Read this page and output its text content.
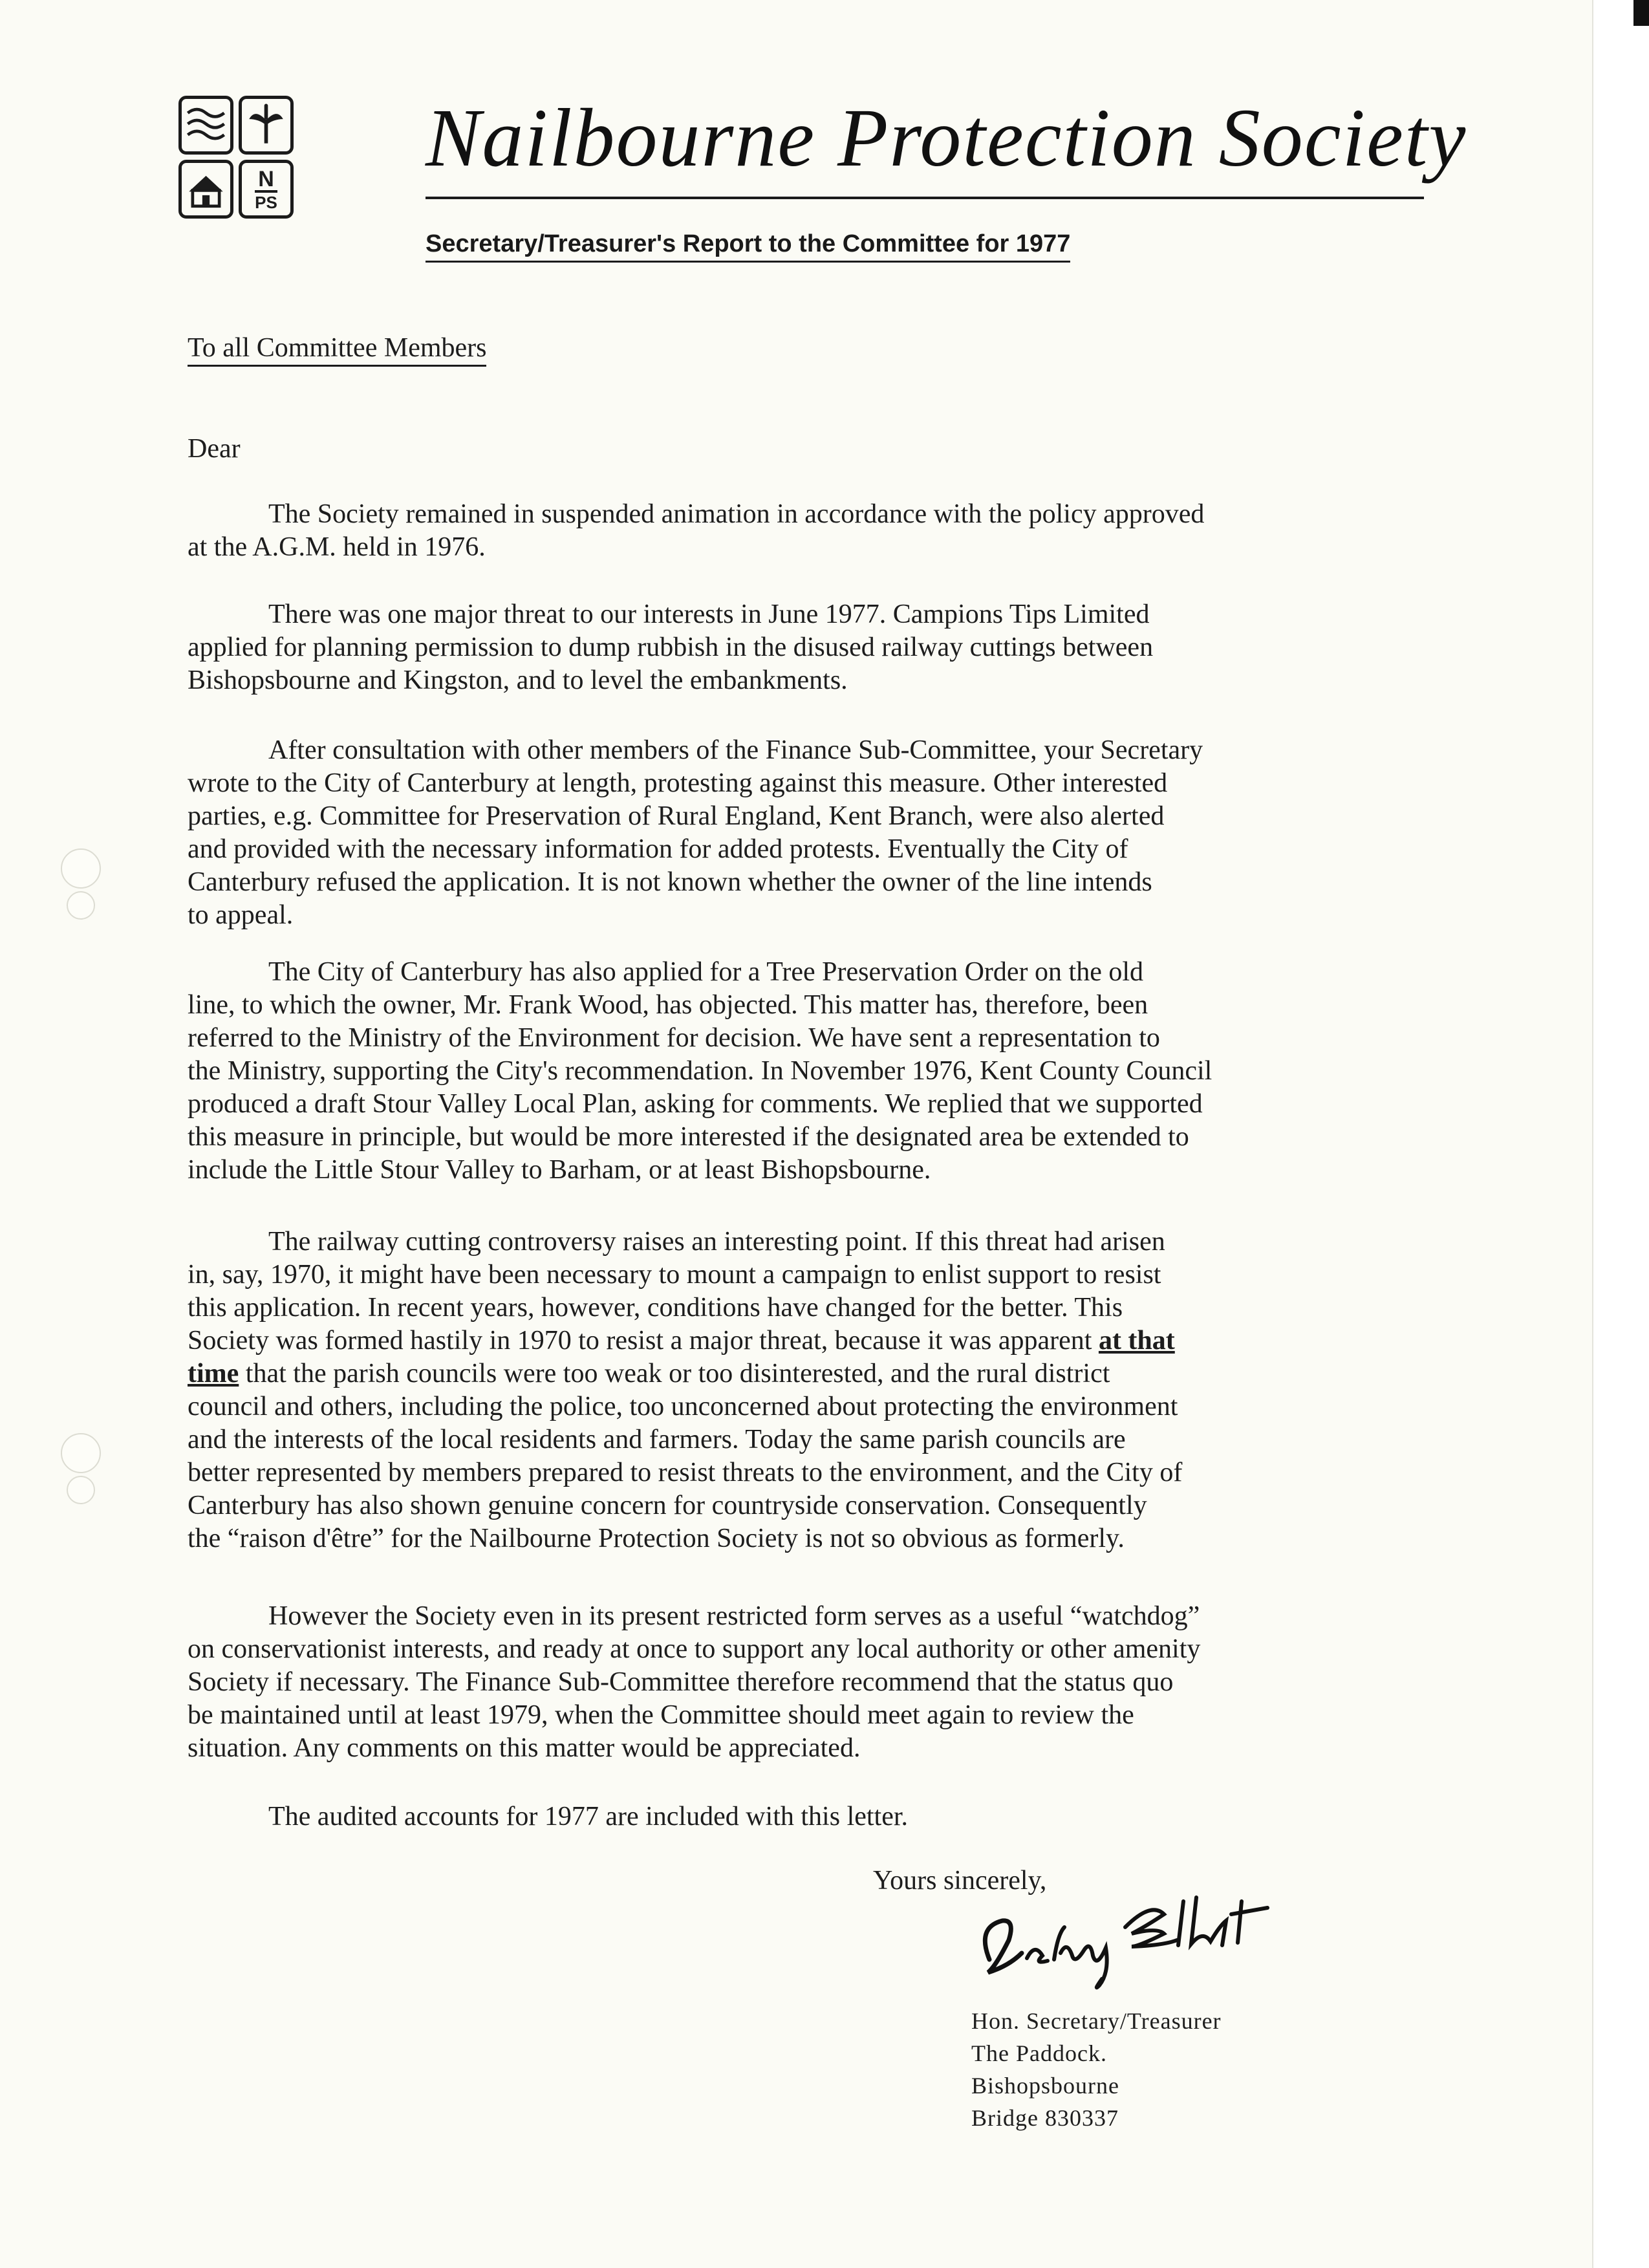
N
PS
Nailbourne Protection Society
Secretary/Treasurer's Report to the Committee for 1977
To all Committee Members
Dear
The Society remained in suspended animation in accordance with the policy approved
at the A.G.M. held in 1976.
There was one major threat to our interests in June 1977. Campions Tips Limited
applied for planning permission to dump rubbish in the disused railway cuttings between
Bishopsbourne and Kingston, and to level the embankments.
After consultation with other members of the Finance Sub-Committee, your Secretary
wrote to the City of Canterbury at length, protesting against this measure. Other interested
parties, e.g. Committee for Preservation of Rural England, Kent Branch, were also alerted
and provided with the necessary information for added protests. Eventually the City of
Canterbury refused the application. It is not known whether the owner of the line intends
to appeal.
The City of Canterbury has also applied for a Tree Preservation Order on the old
line, to which the owner, Mr. Frank Wood, has objected. This matter has, therefore, been
referred to the Ministry of the Environment for decision. We have sent a representation to
the Ministry, supporting the City's recommendation. In November 1976, Kent County Council
produced a draft Stour Valley Local Plan, asking for comments. We replied that we supported
this measure in principle, but would be more interested if the designated area be extended to
include the Little Stour Valley to Barham, or at least Bishopsbourne.
The railway cutting controversy raises an interesting point. If this threat had arisen
in, say, 1970, it might have been necessary to mount a campaign to enlist support to resist
this application. In recent years, however, conditions have changed for the better. This
Society was formed hastily in 1970 to resist a major threat, because it was apparent at that
time that the parish councils were too weak or too disinterested, and the rural district
council and others, including the police, too unconcerned about protecting the environment
and the interests of the local residents and farmers. Today the same parish councils are
better represented by members prepared to resist threats to the environment, and the City of
Canterbury has also shown genuine concern for countryside conservation. Consequently
the “raison d'être” for the Nailbourne Protection Society is not so obvious as formerly.
However the Society even in its present restricted form serves as a useful “watchdog”
on conservationist interests, and ready at once to support any local authority or other amenity
Society if necessary. The Finance Sub-Committee therefore recommend that the status quo
be maintained until at least 1979, when the Committee should meet again to review the
situation. Any comments on this matter would be appreciated.
The audited accounts for 1977 are included with this letter.
Yours sincerely,
Hon. Secretary/Treasurer
The Paddock.
Bishopsbourne
Bridge 830337
